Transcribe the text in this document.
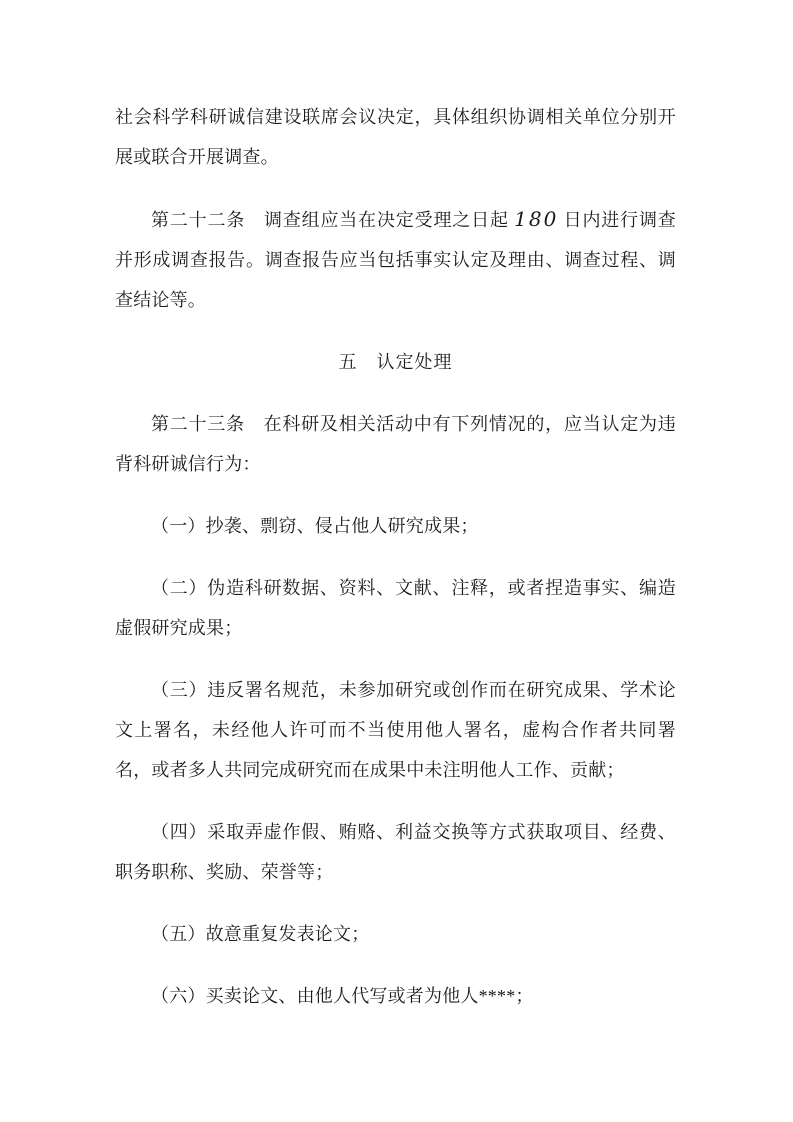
社会科学科研诚信建设联席会议决定，具体组织协调相关单位分别开展或联合开展调查。

第二十二条　调查组应当在决定受理之日起 180 日内进行调查并形成调查报告。调查报告应当包括事实认定及理由、调查过程、调查结论等。

五　认定处理

第二十三条　在科研及相关活动中有下列情况的，应当认定为违背科研诚信行为：

（一）抄袭、剽窃、侵占他人研究成果；

（二）伪造科研数据、资料、文献、注释，或者捏造事实、编造虚假研究成果；

（三）违反署名规范，未参加研究或创作而在研究成果、学术论文上署名，未经他人许可而不当使用他人署名，虚构合作者共同署名，或者多人共同完成研究而在成果中未注明他人工作、贡献；

（四）采取弄虚作假、贿赂、利益交换等方式获取项目、经费、职务职称、奖励、荣誉等；

（五）故意重复发表论文；

（六）买卖论文、由他人代写或者为他人****；
